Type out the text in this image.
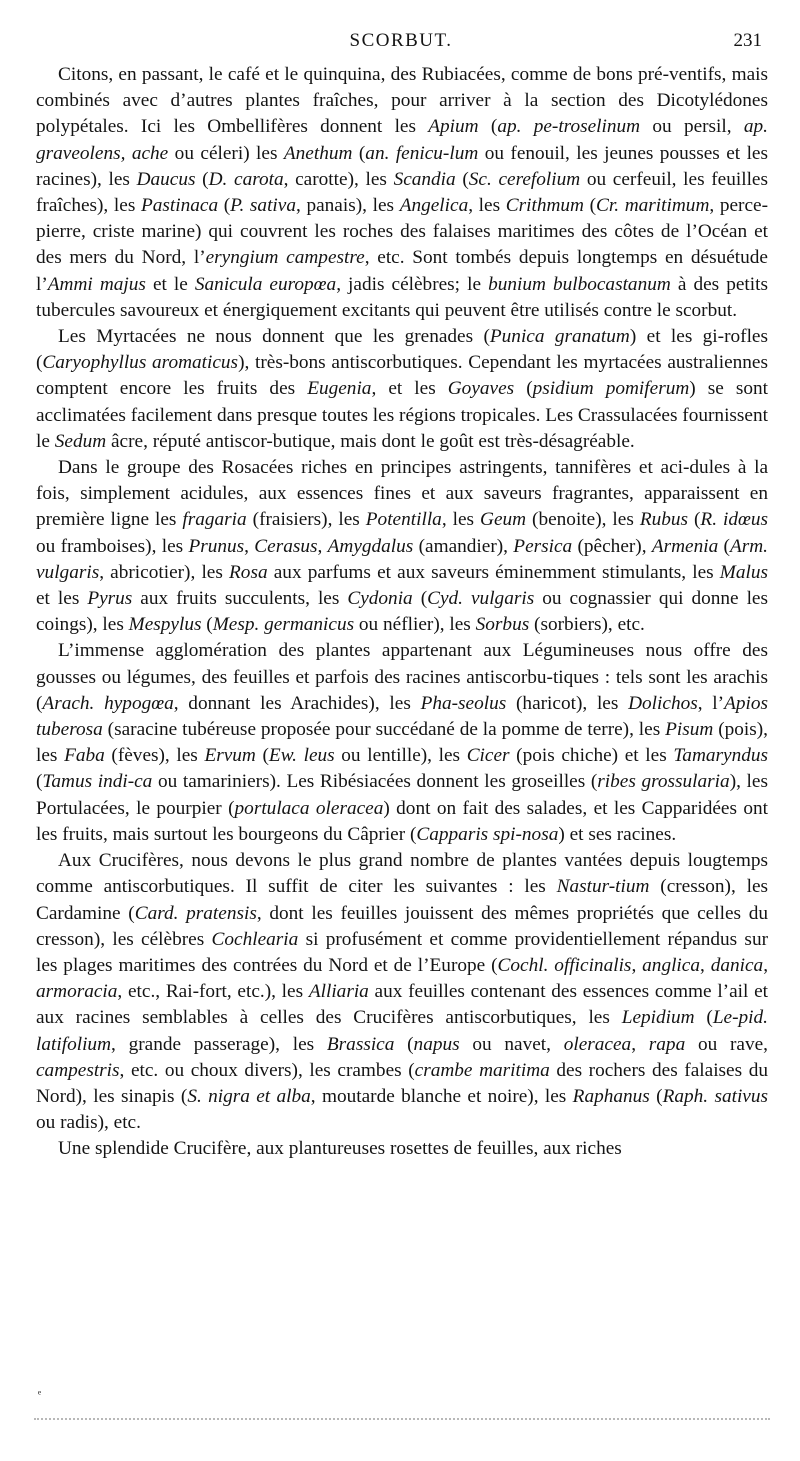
SCORBUT.	231

Citons, en passant, le café et le quinquina, des Rubiacées, comme de bons pré-ventifs, mais combinés avec d’autres plantes fraîches, pour arriver à la section des Dicotylédones polypétales. Ici les Ombellifères donnent les Apium (ap. pe-troselinum ou persil, ap. graveolens, ache ou céleri) les Anethum (an. fenicu-lum ou fenouil, les jeunes pousses et les racines), les Daucus (D. carota, carotte), les Scandia (Sc. cerefolium ou cerfeuil, les feuilles fraîches), les Pastinaca (P. sativa, panais), les Angelica, les Crithmum (Cr. maritimum, perce-pierre, criste marine) qui couvrent les roches des falaises maritimes des côtes de l’Océan et des mers du Nord, l’eryngium campestre, etc. Sont tombés depuis longtemps en désuétude l’Ammi majus et le Sanicula europœa, jadis célèbres; le bunium bulbocastanum à des petits tubercules savoureux et énergiquement excitants qui peuvent être utilisés contre le scorbut.

Les Myrtacées ne nous donnent que les grenades (Punica granatum) et les gi-rofles (Caryophyllus aromaticus), très-bons antiscorbutiques. Cependant les myrtacées australiennes comptent encore les fruits des Eugenia, et les Goyaves (psidium pomiferum) se sont acclimatées facilement dans presque toutes les régions tropicales. Les Crassulacées fournissent le Sedum âcre, réputé antiscor-butique, mais dont le goût est très-désagréable.

Dans le groupe des Rosacées riches en principes astringents, tannifères et aci-dules à la fois, simplement acidules, aux essences fines et aux saveurs fragrantes, apparaissent en première ligne les fragaria (fraisiers), les Potentilla, les Geum (benoite), les Rubus (R. idœus ou framboises), les Prunus, Cerasus, Amygdalus (amandier), Persica (pêcher), Armenia (Arm. vulgaris, abricotier), les Rosa aux parfums et aux saveurs éminemment stimulants, les Malus et les Pyrus aux fruits succulents, les Cydonia (Cyd. vulgaris ou cognassier qui donne les coings), les Mespylus (Mesp. germanicus ou néflier), les Sorbus (sorbiers), etc.

L’immense agglomération des plantes appartenant aux Légumineuses nous offre des gousses ou légumes, des feuilles et parfois des racines antiscorbu-tiques : tels sont les arachis (Arach. hypogœa, donnant les Arachides), les Pha-seolus (haricot), les Dolichos, l’Apios tuberosa (saracine tubéreuse proposée pour succédané de la pomme de terre), les Pisum (pois), les Faba (fèves), les Ervum (Ew. leus ou lentille), les Cicer (pois chiche) et les Tamaryndus (Tamus indi-ca ou tamariniers). Les Ribésiacées donnent les groseilles (ribes grossularia), les Portulacées, le pourpier (portulaca oleracea) dont on fait des salades, et les Capparidées ont les fruits, mais surtout les bourgeons du Câprier (Capparis spi-nosa) et ses racines.

Aux Crucifères, nous devons le plus grand nombre de plantes vantées depuis lougtemps comme antiscorbutiques. Il suffit de citer les suivantes : les Nastur-tium (cresson), les Cardamine (Card. pratensis, dont les feuilles jouissent des mêmes propriétés que celles du cresson), les célèbres Cochlearia si profusément et comme providentiellement répandus sur les plages maritimes des contrées du Nord et de l’Europe (Cochl. officinalis, anglica, danica, armoracia, etc., Rai-fort, etc.), les Alliaria aux feuilles contenant des essences comme l’ail et aux racines semblables à celles des Crucifères antiscorbutiques, les Lepidium (Le-pid. latifolium, grande passerage), les Brassica (napus ou navet, oleracea, rapa ou rave, campestris, etc. ou choux divers), les crambes (crambe maritima des rochers des falaises du Nord), les sinapis (S. nigra et alba, moutarde blanche et noire), les Raphanus (Raph. sativus ou radis), etc.

Une splendide Crucifère, aux plantureuses rosettes de feuilles, aux riches

ᵉ
